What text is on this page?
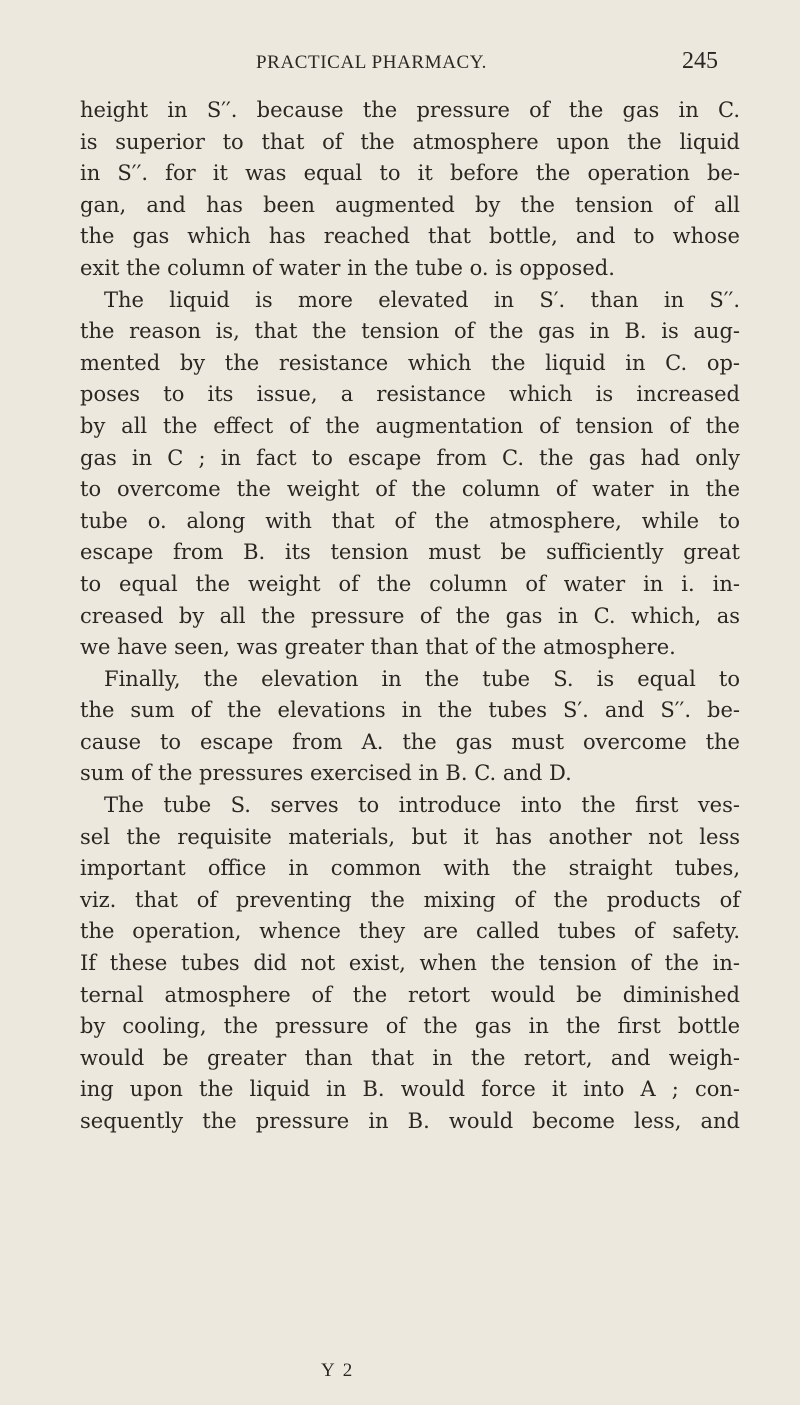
PRACTICAL PHARMACY.	245
height in S′′. because the pressure of the gas in C.
is superior to that of the atmosphere upon the liquid
in S′′. for it was equal to it before the operation be-
gan, and has been augmented by the tension of all
the gas which has reached that bottle, and to whose
exit the column of water in the tube o. is opposed.
The liquid is more elevated in S′. than in S′′.
the reason is, that the tension of the gas in B. is aug-
mented by the resistance which the liquid in C. op-
poses to its issue, a resistance which is increased
by all the effect of the augmentation of tension of the
gas in C ; in fact to escape from C. the gas had only
to overcome the weight of the column of water in the
tube o. along with that of the atmosphere, while to
escape from B. its tension must be sufficiently great
to equal the weight of the column of water in i. in-
creased by all the pressure of the gas in C. which, as
we have seen, was greater than that of the atmosphere.
Finally, the elevation in the tube S. is equal to
the sum of the elevations in the tubes S′. and S′′. be-
cause to escape from A. the gas must overcome the
sum of the pressures exercised in B. C. and D.
The tube S. serves to introduce into the first ves-
sel the requisite materials, but it has another not less
important office in common with the straight tubes,
viz. that of preventing the mixing of the products of
the operation, whence they are called tubes of safety.
If these tubes did not exist, when the tension of the in-
ternal atmosphere of the retort would be diminished
by cooling, the pressure of the gas in the first bottle
would be greater than that in the retort, and weigh-
ing upon the liquid in B. would force it into A ; con-
sequently the pressure in B. would become less, and
Y 2
